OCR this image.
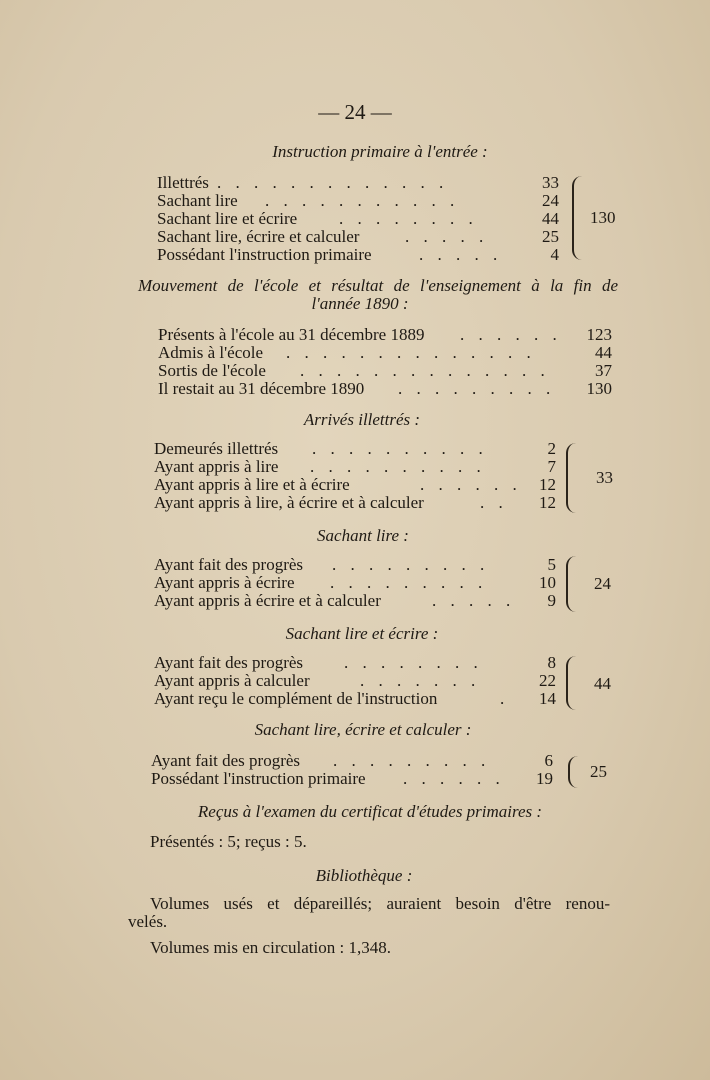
— 24 —
Instruction primaire à l'entrée :
Illettrés . . . . . . . . . . . . .	33
Sachant lire . . . . . . . . . . .	24
Sachant lire et écrire . . . . . . . .	44
Sachant lire, écrire et calculer	. . . . .	25
Possédant l'instruction primaire	. . . . .	4
130
Mouvement de l'école et résultat de l'enseignement à la fin de
l'année 1890 :
Présents à l'école au 31 décembre 1889 . . . . . .	123
Admis à l'école . . . . . . . . . . . . . .	44
Sortis de l'école . . . . . . . . . . . . . .	37
Il restait au 31 décembre 1890 . . . . . . . . .	130
Arrivés illettrés :
Demeurés illettrés . . . . . . . . . .	2
Ayant appris à lire . . . . . . . . . .	7
Ayant appris à lire et à écrire	. . . . . .	12
Ayant appris à lire, à écrire et à calculer	. .	12
33
Sachant lire :
Ayant fait des progrès . . . . . . . . .	5
Ayant appris à écrire . . . . . . . . .	10
Ayant appris à écrire et à calculer	. . . . .	9
24
Sachant lire et écrire :
Ayant fait des progrès . . . . . . . .	8
Ayant appris à calculer	. . . . . . .	22
Ayant reçu le complément de l'instruction	.	14
44
Sachant lire, écrire et calculer :
Ayant fait des progrès . . . . . . . . .	6
Possédant l'instruction primaire . . . . . .	19 25
Reçus à l'examen du certificat d'études primaires :
Présentés : 5; reçus : 5.
Bibliothèque :
Volumes usés et dépareillés; auraient besoin d'être renou-
velés.
Volumes mis en circulation : 1,348.
